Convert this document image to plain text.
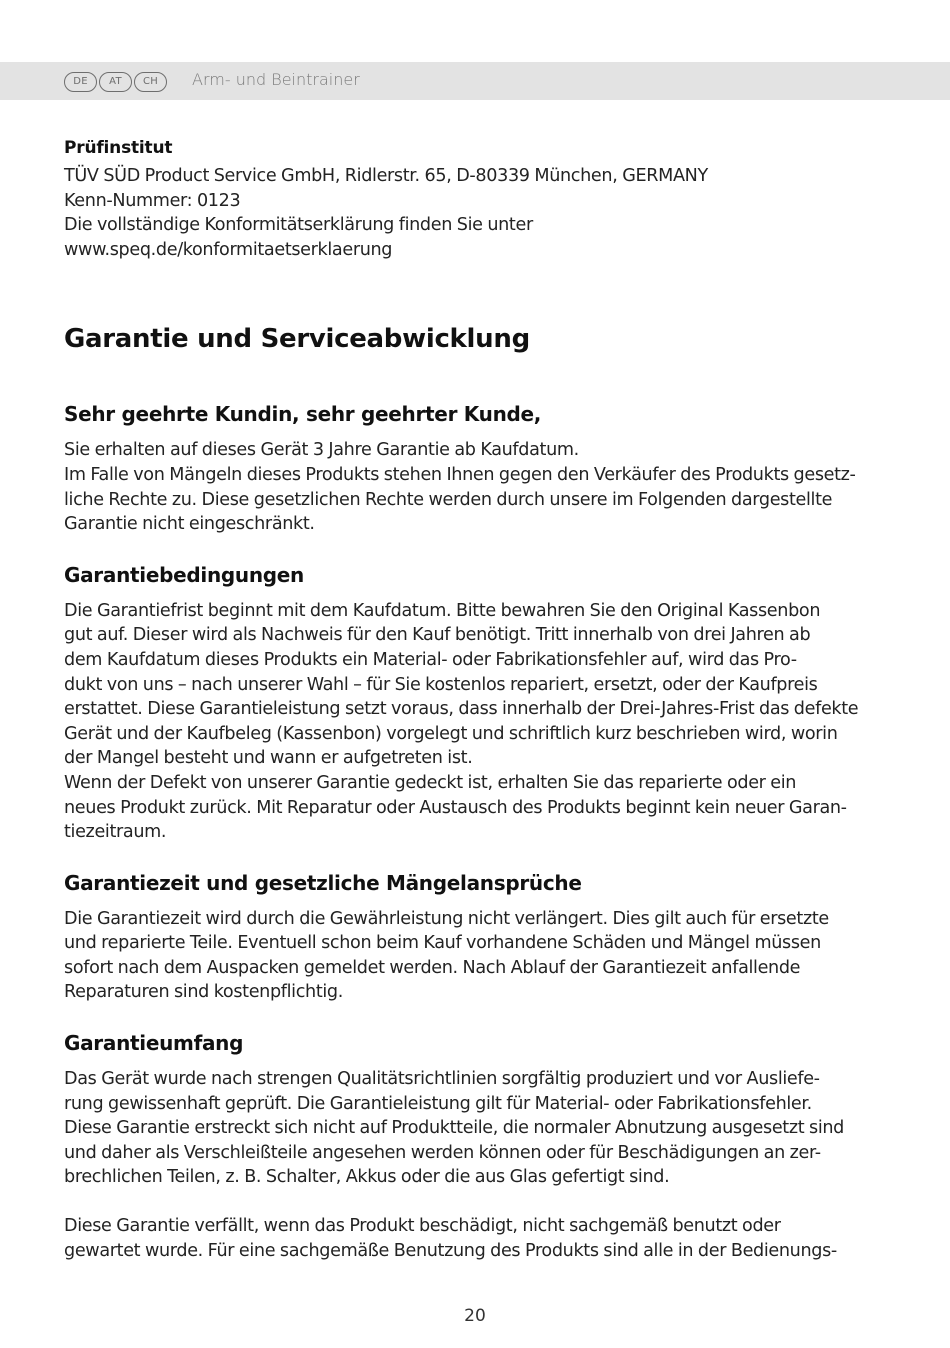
DE	AT	CH	Arm- und Beintrainer

Prüfinstitut

TÜV SÜD Product Service GmbH, Ridlerstr. 65, D-80339 München, GERMANY

Kenn-Nummer: 0123

Die vollständige Konformitätserklärung finden Sie unter

www.speq.de/konformitaetserklaerung

Garantie und Serviceabwicklung
Sehr geehrte Kundin, sehr geehrter Kunde,

Sie erhalten auf dieses Gerät 3 Jahre Garantie ab Kaufdatum.

Im Falle von Mängeln dieses Produkts stehen Ihnen gegen den Verkäufer des Produkts gesetz-

liche Rechte zu. Diese gesetzlichen Rechte werden durch unsere im Folgenden dargestellte

Garantie nicht eingeschränkt.

Garantiebedingungen

Die Garantiefrist beginnt mit dem Kaufdatum. Bitte bewahren Sie den Original Kassenbon

gut auf. Dieser wird als Nachweis für den Kauf benötigt. Tritt innerhalb von drei Jahren ab

dem Kaufdatum dieses Produkts ein Material- oder Fabrikationsfehler auf, wird das Pro-

dukt von uns – nach unserer Wahl – für Sie kostenlos repariert, ersetzt, oder der Kaufpreis

erstattet. Diese Garantieleistung setzt voraus, dass innerhalb der Drei-Jahres-Frist das defekte

Gerät und der Kaufbeleg (Kassenbon) vorgelegt und schriftlich kurz beschrieben wird, worin

der Mangel besteht und wann er aufgetreten ist.

Wenn der Defekt von unserer Garantie gedeckt ist, erhalten Sie das reparierte oder ein

neues Produkt zurück. Mit Reparatur oder Austausch des Produkts beginnt kein neuer Garan-

tiezeitraum.

Garantiezeit und gesetzliche Mängelansprüche

Die Garantiezeit wird durch die Gewährleistung nicht verlängert. Dies gilt auch für ersetzte

und reparierte Teile. Eventuell schon beim Kauf vorhandene Schäden und Mängel müssen

sofort nach dem Auspacken gemeldet werden. Nach Ablauf der Garantiezeit anfallende

Reparaturen sind kostenpflichtig.

Garantieumfang

Das Gerät wurde nach strengen Qualitätsrichtlinien sorgfältig produziert und vor Ausliefe-

rung gewissenhaft geprüft. Die Garantieleistung gilt für Material- oder Fabrikationsfehler.

Diese Garantie erstreckt sich nicht auf Produktteile, die normaler Abnutzung ausgesetzt sind

und daher als Verschleißteile angesehen werden können oder für Beschädigungen an zer-

brechlichen Teilen, z. B. Schalter, Akkus oder die aus Glas gefertigt sind.

Diese Garantie verfällt, wenn das Produkt beschädigt, nicht sachgemäß benutzt oder

gewartet wurde. Für eine sachgemäße Benutzung des Produkts sind alle in der Bedienungs-

20
